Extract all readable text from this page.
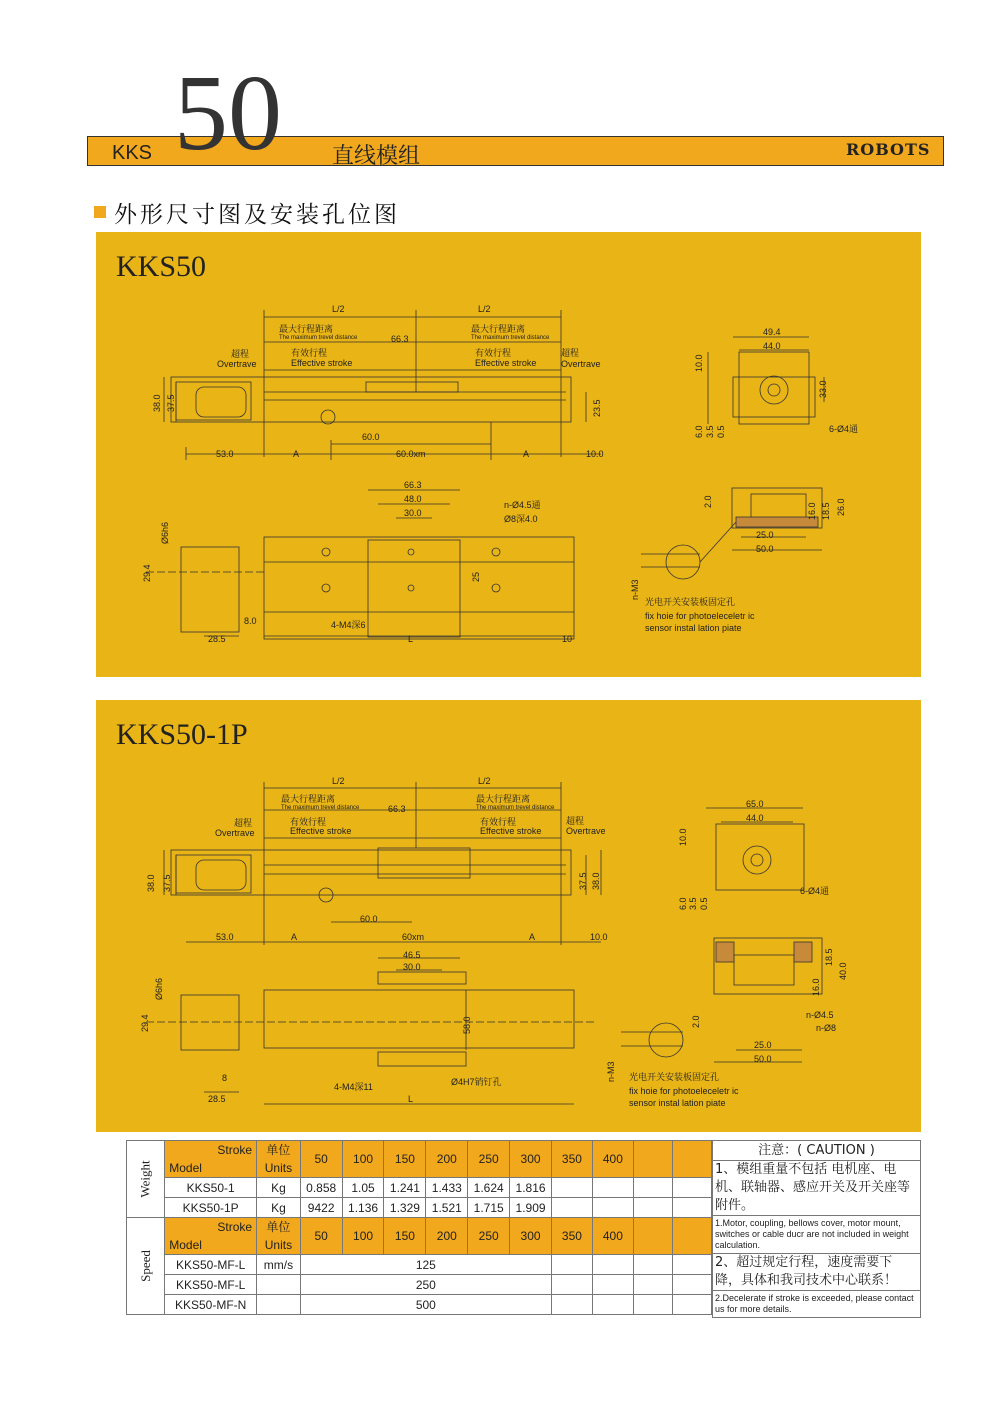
KKS 50 直线模组	ROBOTS
外形尺寸图及安装孔位图
KKS50
L/2	L/2
最大行程距离
The maximum trevel distance
最大行程距离
The maximum trevel distance
66.3
超程
Overtrave
有效行程
Effective stroke
有效行程
Effective stroke
超程
Overtrave
60.0
53.0	A	60.0xm	A	10.0
38.0 37.5	23.5
49.4
44.0
10.0
33.0
6.0 3.5 0.5	6-Ø4通
66.3
48.0
30.0
n-Ø4.5通
Ø8深4.0
Ø6h6
29.4	25
8.0
28.5
4-M4深6
L	10
2.0
16.0 18.5 26.0
25.0
50.0
n-M3
光电开关安装板固定孔
fix hoie for photoeleceletr ic
sensor instal lation piate
KKS50-1P
L/2	L/2
最大行程距离
The maximum trevel distance
最大行程距离
The maximum trevel distance
66.3
超程
Overtrave
有效行程
Effective stroke
有效行程
Effective stroke
超程
Overtrave
60.0
53.0	A	60xm	A	10.0
38.0 37.5	37.5 38.0
65.0
44.0
10.0
6.0 3.5 0.5
6-Ø4通
46.5
30.0
Ø6h6
29.4	58.0
8
28.5
4-M4深11	Ø4H7销钉孔
L
18.5
40.0
16.0
2.0
n-Ø4.5
n-Ø8
25.0
50.0
n-M3 光电开关安装板固定孔
fix hoie for photoeleceletr ic
sensor instal lation piate
Weight	Stroke
Model	单位
Units	50	100	150	200	250	300	350	400		
	KKS50-1	Kg	0.858	1.05	1.241	1.433	1.624	1.816				
	KKS50-1P	Kg	9422	1.136	1.329	1.521	1.715	1.909				
Speed	Stroke
Model	单位
Units	50	100	150	200	250	300	350	400		
	KKS50-MF-L	mm/s	125									
	KKS50-MF-L		250									
	KKS50-MF-N		500									
注意：( CAUTION )
1、模组重量不包括 电机座、电机、联轴器、感应开关及开关座等附件。
1.Motor, coupling, bellows cover, motor mount, switches or cable ducr are not included in weight calculation.
2、超过规定行程，速度需要下降，具体和我司技术中心联系！
2.Decelerate if stroke is exceeded, please contact us for more details.
